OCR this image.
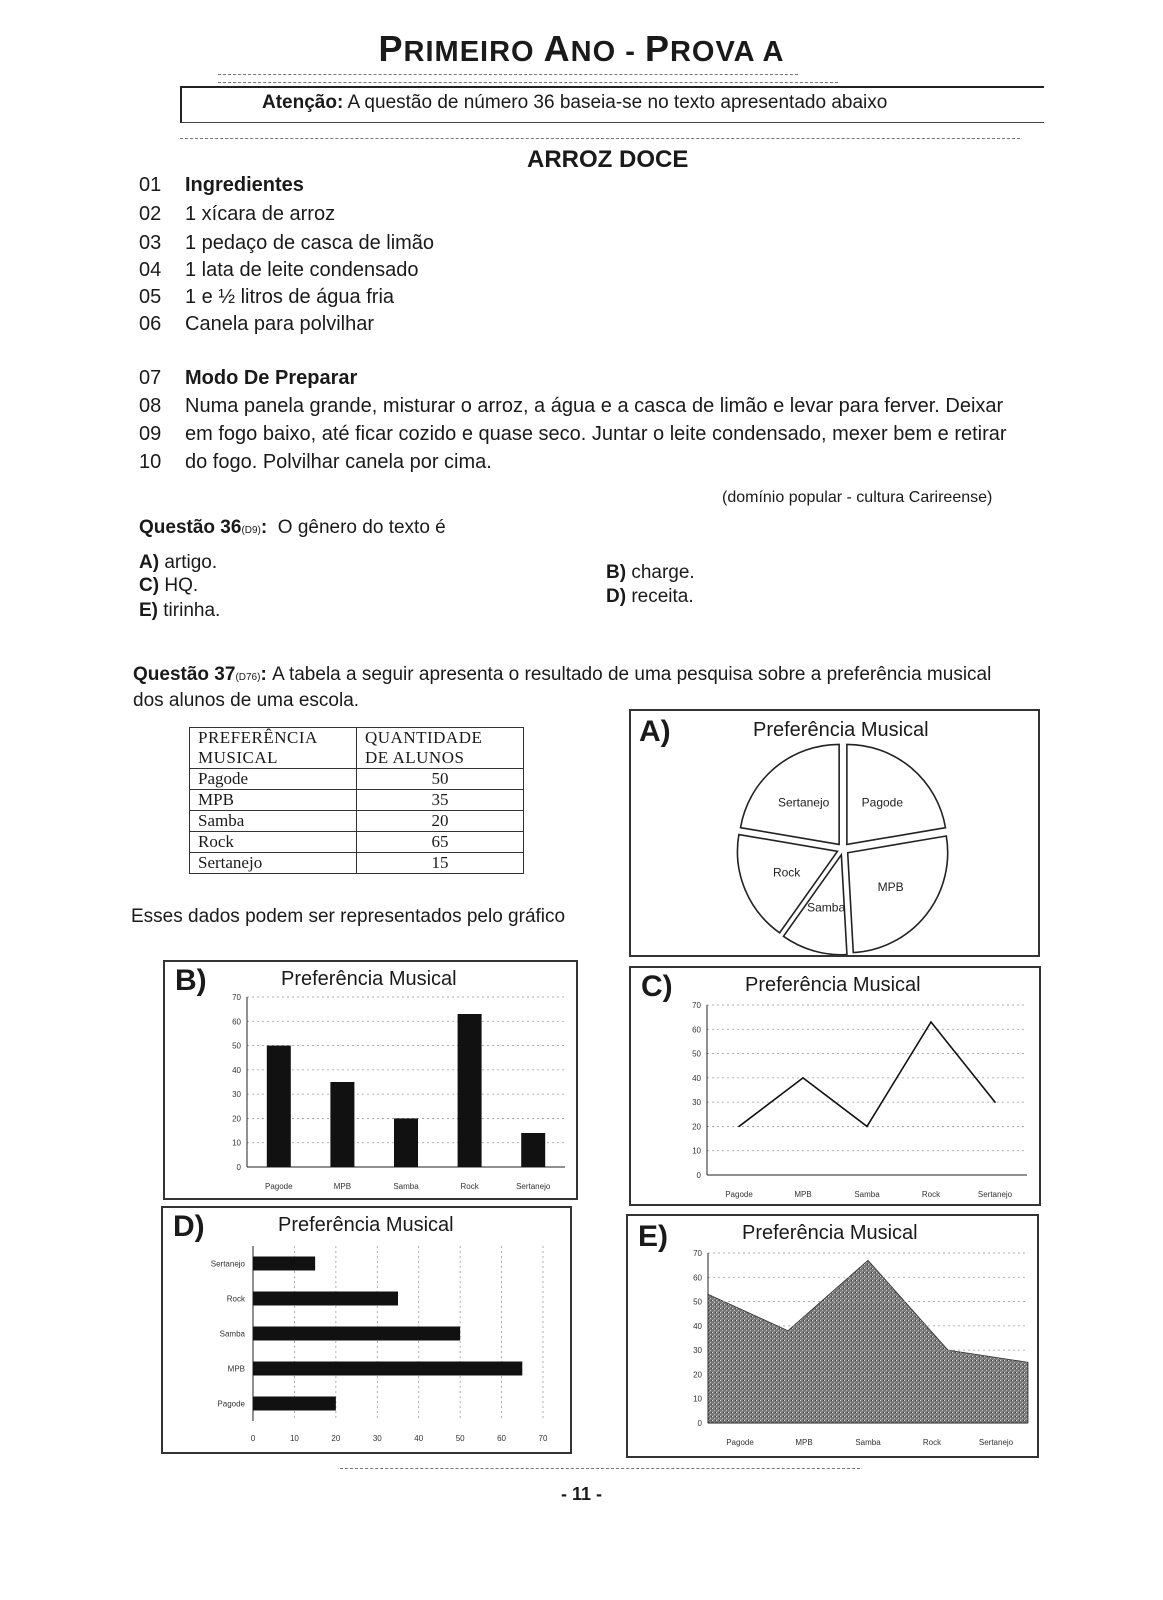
PRIMEIRO ANO - PROVA A
Atenção: A questão de número 36 baseia-se no texto apresentado abaixo
ARROZ DOCE
01 Ingredientes
02 1 xícara de arroz
03 1 pedaço de casca de limão
04 1 lata de leite condensado
05 1 e ½ litros de água fria
06 Canela para polvilhar
07 Modo De Preparar
08 Numa panela grande, misturar o arroz, a água e a casca de limão e levar para ferver. Deixar
09 em fogo baixo, até ficar cozido e quase seco. Juntar o leite condensado, mexer bem e retirar
10 do fogo. Polvilhar canela por cima.
(domínio popular - cultura Carireense)
Questão 36(D9): O gênero do texto é
A) artigo.	B) charge.
C) HQ.
D) receita.
E) tirinha.
Questão 37(D76): A tabela a seguir apresenta o resultado de uma pesquisa sobre a preferência musical
dos alunos de uma escola.
PREFERÊNCIA
MUSICAL	QUANTIDADE
DE ALUNOS
Pagode	50
MPB	35
Samba	20
Rock	65
Sertanejo	15
Esses dados podem ser representados pelo gráfico
A)	Preferência Musical
Sertanejo	Pagode
MPB
Samba
Rock
B)	Preferência Musical
0
10
20
30
40
50
60
70
Pagode	MPB	Samba	Rock	Sertanejo
C)	Preferência Musical
0
10
20
30
40
50
60
70
Pagode	MPB	Samba	Rock	Sertanejo
D)	Preferência Musical
0	10	20	30	40	50	60	70
Sertanejo
Rock
Samba
MPB
Pagode
E)	Preferência Musical
0
10
20
30
40
50
60
70
Pagode	MPB	Samba	Rock	Sertanejo
- 11 -
